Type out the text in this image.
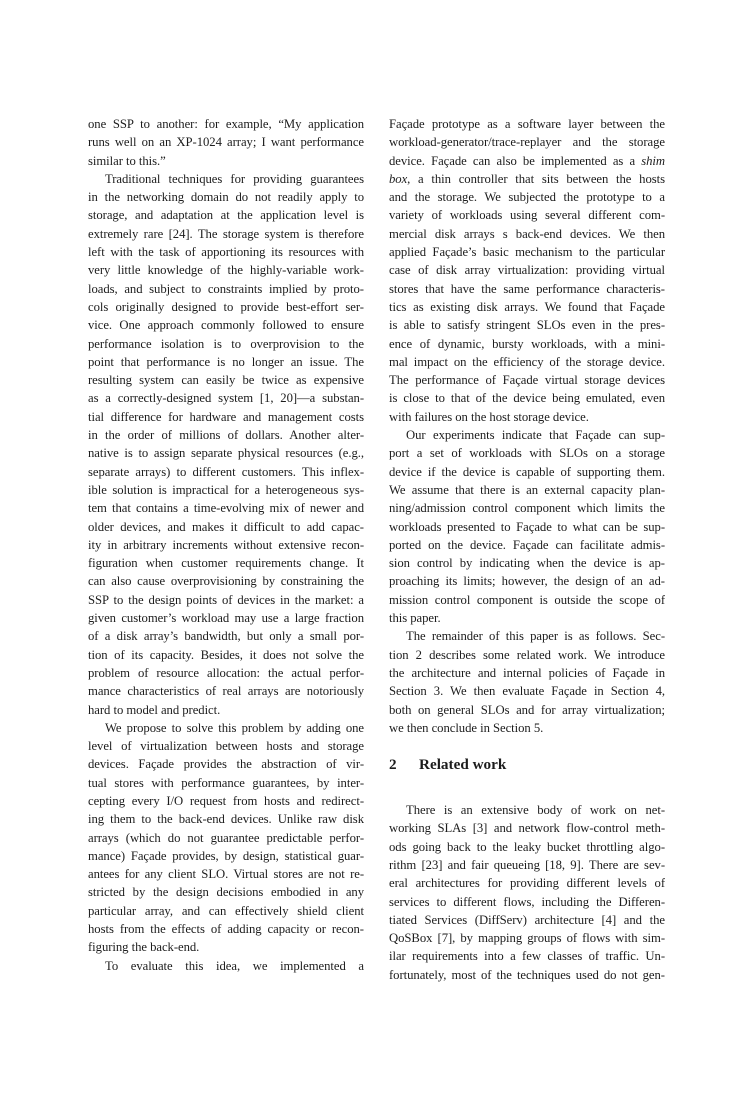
one SSP to another: for example, “My application
runs well on an XP-1024 array; I want performance
similar to this.”
Traditional techniques for providing guarantees
in the networking domain do not readily apply to
storage, and adaptation at the application level is
extremely rare [24]. The storage system is therefore
left with the task of apportioning its resources with
very little knowledge of the highly-variable work-
loads, and subject to constraints implied by proto-
cols originally designed to provide best-effort ser-
vice. One approach commonly followed to ensure
performance isolation is to overprovision to the
point that performance is no longer an issue. The
resulting system can easily be twice as expensive
as a correctly-designed system [1, 20]—a substan-
tial difference for hardware and management costs
in the order of millions of dollars. Another alter-
native is to assign separate physical resources (e.g.,
separate arrays) to different customers. This inflex-
ible solution is impractical for a heterogeneous sys-
tem that contains a time-evolving mix of newer and
older devices, and makes it difficult to add capac-
ity in arbitrary increments without extensive recon-
figuration when customer requirements change. It
can also cause overprovisioning by constraining the
SSP to the design points of devices in the market: a
given customer’s workload may use a large fraction
of a disk array’s bandwidth, but only a small por-
tion of its capacity. Besides, it does not solve the
problem of resource allocation: the actual perfor-
mance characteristics of real arrays are notoriously
hard to model and predict.
We propose to solve this problem by adding one
level of virtualization between hosts and storage
devices. Façade provides the abstraction of vir-
tual stores with performance guarantees, by inter-
cepting every I/O request from hosts and redirect-
ing them to the back-end devices. Unlike raw disk
arrays (which do not guarantee predictable perfor-
mance) Façade provides, by design, statistical guar-
antees for any client SLO. Virtual stores are not re-
stricted by the design decisions embodied in any
particular array, and can effectively shield client
hosts from the effects of adding capacity or recon-
figuring the back-end.
To evaluate this idea, we implemented a
Façade prototype as a software layer between the
workload-generator/trace-replayer and the storage
device. Façade can also be implemented as a shim
box, a thin controller that sits between the hosts
and the storage. We subjected the prototype to a
variety of workloads using several different com-
mercial disk arrays s back-end devices. We then
applied Façade’s basic mechanism to the particular
case of disk array virtualization: providing virtual
stores that have the same performance characteris-
tics as existing disk arrays. We found that Façade
is able to satisfy stringent SLOs even in the pres-
ence of dynamic, bursty workloads, with a mini-
mal impact on the efficiency of the storage device.
The performance of Façade virtual storage devices
is close to that of the device being emulated, even
with failures on the host storage device.
Our experiments indicate that Façade can sup-
port a set of workloads with SLOs on a storage
device if the device is capable of supporting them.
We assume that there is an external capacity plan-
ning/admission control component which limits the
workloads presented to Façade to what can be sup-
ported on the device. Façade can facilitate admis-
sion control by indicating when the device is ap-
proaching its limits; however, the design of an ad-
mission control component is outside the scope of
this paper.
The remainder of this paper is as follows. Sec-
tion 2 describes some related work. We introduce
the architecture and internal policies of Façade in
Section 3. We then evaluate Façade in Section 4,
both on general SLOs and for array virtualization;
we then conclude in Section 5.
2 Related work
There is an extensive body of work on net-
working SLAs [3] and network flow-control meth-
ods going back to the leaky bucket throttling algo-
rithm [23] and fair queueing [18, 9]. There are sev-
eral architectures for providing different levels of
services to different flows, including the Differen-
tiated Services (DiffServ) architecture [4] and the
QoSBox [7], by mapping groups of flows with sim-
ilar requirements into a few classes of traffic. Un-
fortunately, most of the techniques used do not gen-
